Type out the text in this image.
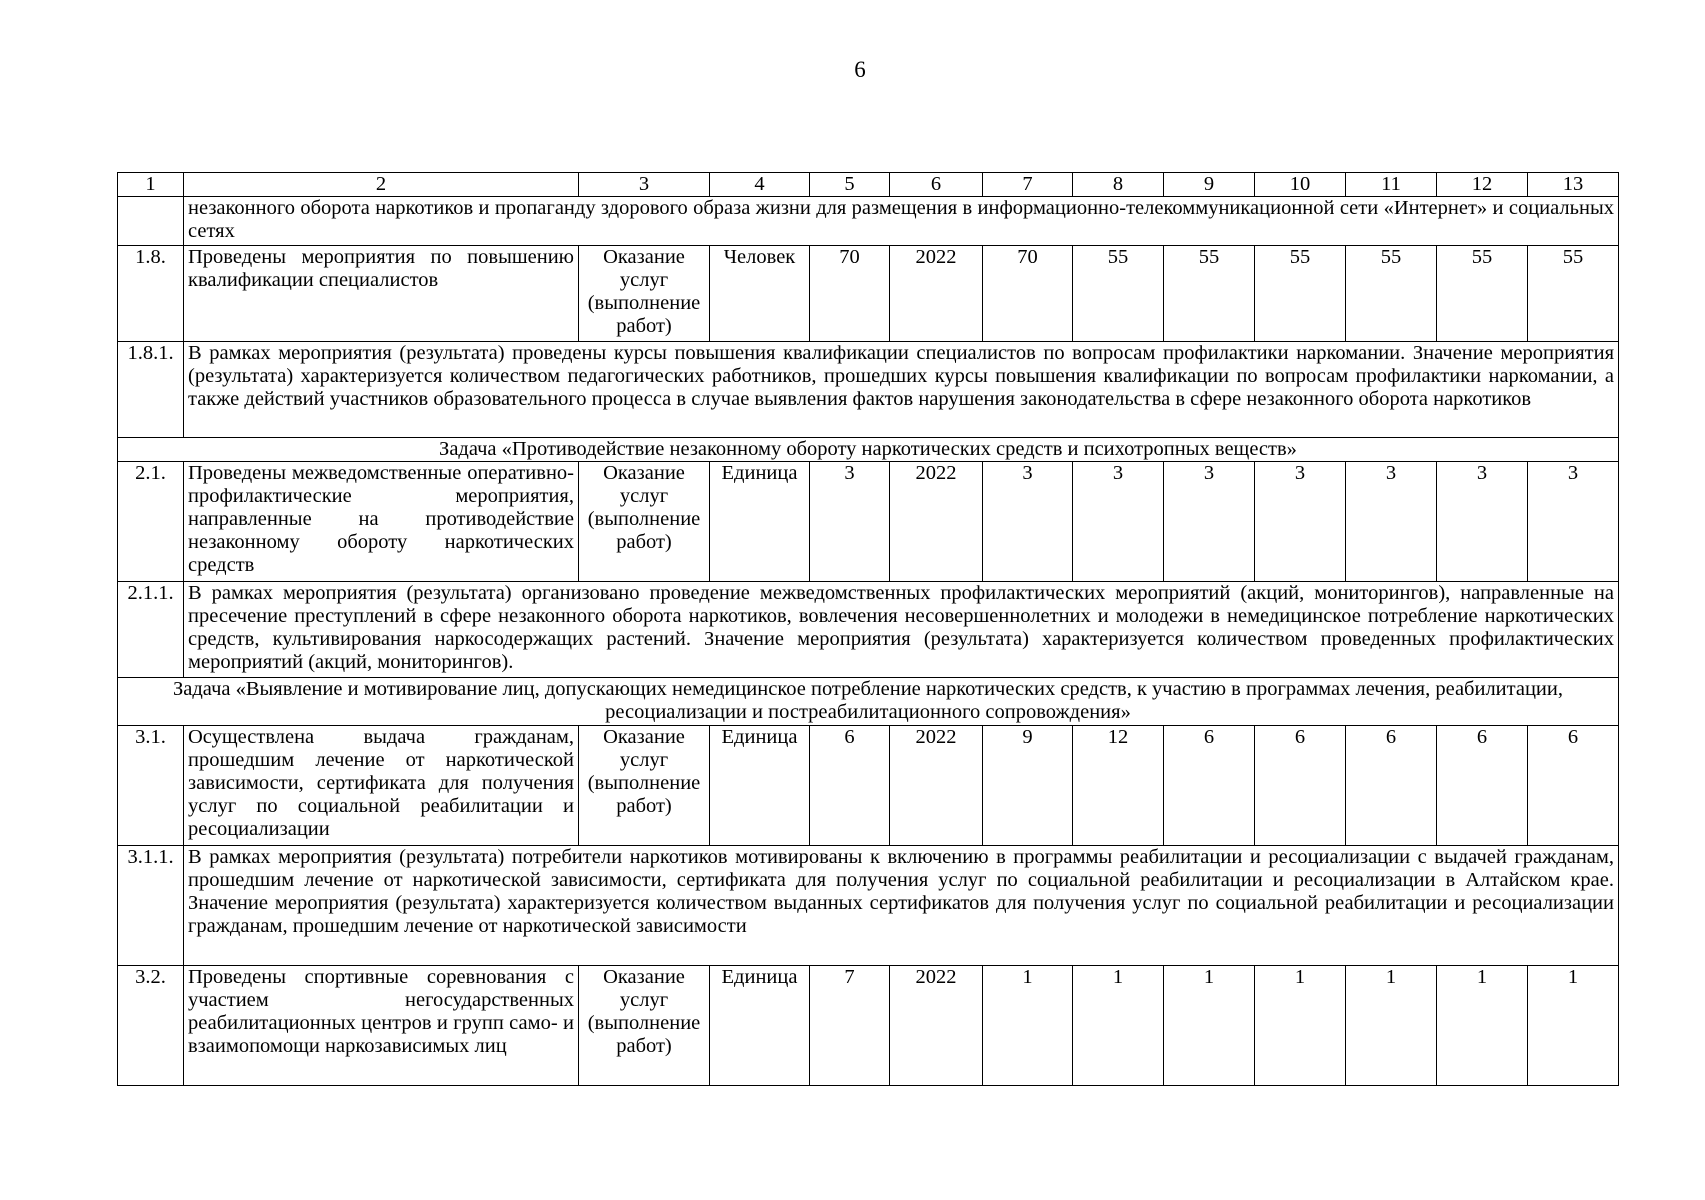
6
1	2	3	4	5	6	7	8	9	10	11	12	13
	незаконного оборота наркотиков и пропаганду здорового образа жизни для размещения в информационно-телекоммуникационной сети «Интернет» и социальных сетях											
1.8.	Проведены мероприятия по повышению квалификации специалистов	Оказание услуг (выполнение работ)	Человек	70	2022	70	55	55	55	55	55	55
1.8.1.	В рамках мероприятия (результата) проведены курсы повышения квалификации специалистов по вопросам профилактики наркомании. Значение мероприятия (результата) характеризуется количеством педагогических работников, прошедших курсы повышения квалификации по вопросам профилактики наркомании, а также действий участников образовательного процесса в случае выявления фактов нарушения законодательства в сфере незаконного оборота наркотиков											
Задача «Противодействие незаконному обороту наркотических средств и психотропных веществ»												
2.1.	Проведены межведомственные оперативно-профилактические мероприятия, направленные на противодействие незаконному обороту наркотических средств	Оказание услуг (выполнение работ)	Единица	3	2022	3	3	3	3	3	3	3
2.1.1.	В рамках мероприятия (результата) организовано проведение межведомственных профилактических мероприятий (акций, мониторингов), направленные на пресечение преступлений в сфере незаконного оборота наркотиков, вовлечения несовершеннолетних и молодежи в немедицинское потребление наркотических средств, культивирования наркосодержащих растений. Значение мероприятия (результата) характеризуется количеством проведенных профилактических мероприятий (акций, мониторингов).											
Задача «Выявление и мотивирование лиц, допускающих немедицинское потребление наркотических средств, к участию в программах лечения, реабилитации, ресоциализации и постреабилитационного сопровождения»												
3.1.	Осуществлена выдача гражданам, прошедшим лечение от наркотической зависимости, сертификата для получения услуг по социальной реабилитации и ресоциализации	Оказание услуг (выполнение работ)	Единица	6	2022	9	12	6	6	6	6	6
3.1.1.	В рамках мероприятия (результата) потребители наркотиков мотивированы к включению в программы реабилитации и ресоциализации с выдачей гражданам, прошедшим лечение от наркотической зависимости, сертификата для получения услуг по социальной реабилитации и ресоциализации в Алтайском крае. Значение мероприятия (результата) характеризуется количеством выданных сертификатов для получения услуг по социальной реабилитации и ресоциализации гражданам, прошедшим лечение от наркотической зависимости											
3.2.	Проведены спортивные соревнования с участием негосударственных реабилитационных центров и групп само- и взаимопомощи наркозависимых лиц	Оказание услуг (выполнение работ)	Единица	7	2022	1	1	1	1	1	1	1
